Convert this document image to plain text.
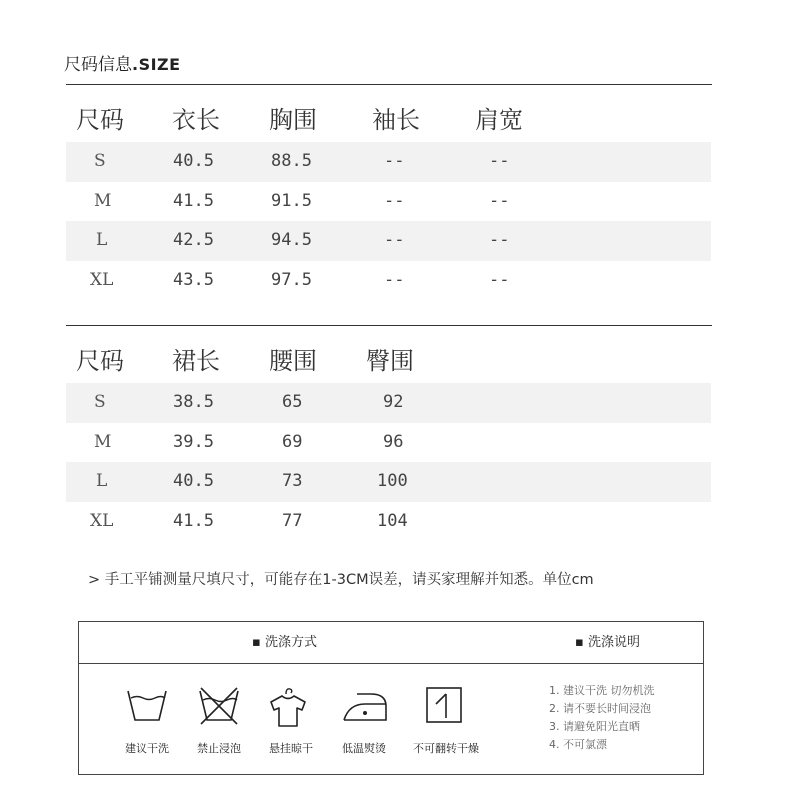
尺码信息.SIZE
尺码 衣长 胸围 袖长 肩宽
S	40.5	88.5	--	--
M	41.5	91.5	--	--
L	42.5	94.5	--	--
XL	43.5	97.5	--	--
尺码 裙长 腰围 臀围
S	38.5	65	92
M	39.5	69	96
L	40.5	73	100
XL	41.5	77	104
> 手工平铺测量尺填尺寸，可能存在1-3CM误差，请买家理解并知悉。单位cm
▪ 洗涤方式	▪ 洗涤说明
建议干洗	禁止浸泡	悬挂晾干	低温熨烫 不可翻转干燥
1. 建议干洗 切勿机洗
2. 请不要长时间浸泡
3. 请避免阳光直晒
4. 不可氯漂
